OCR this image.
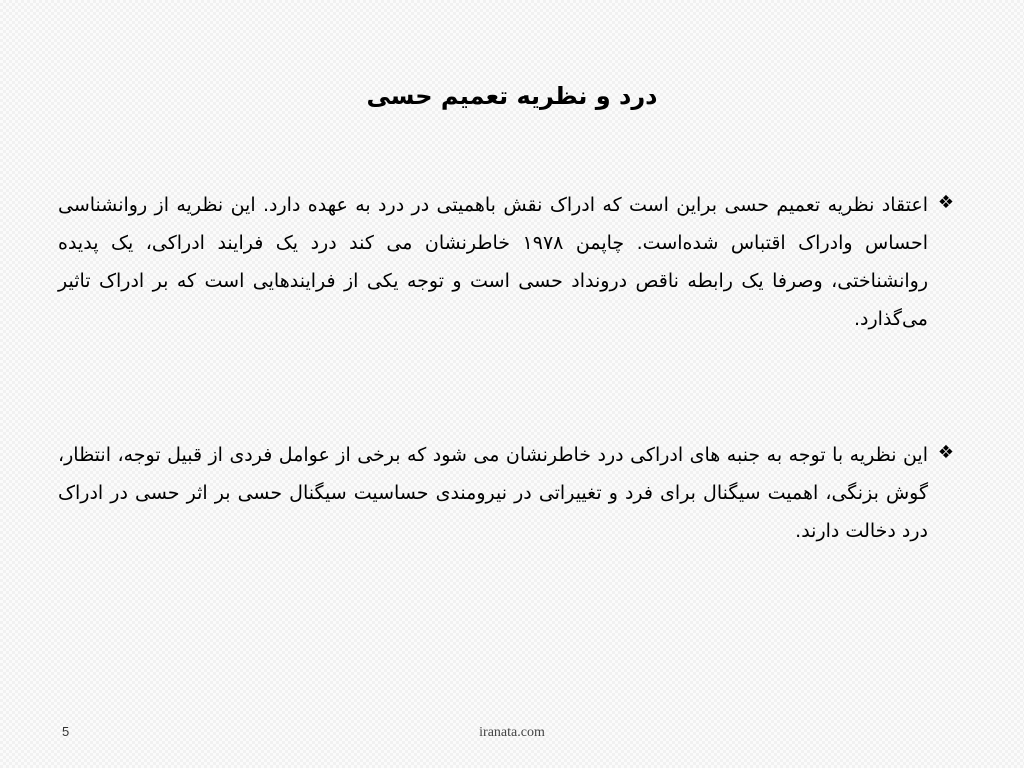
درد و نظریه تعمیم حسی
❖
اعتقاد نظریه تعمیم حسی براین است که ادراک نقش باهمیتی در درد به عهده دارد. این نظریه از روانشناسی احساس وادراک اقتباس شده‌است. چاپمن ۱۹۷۸ خاطرنشان می کند درد یک فرایند ادراکی، یک پدیده روانشناختی، وصرفا یک رابطه ناقص درونداد حسی است و توجه یکی از فرایندهایی است که بر ادراک تاثیر می‌گذارد.
❖
این نظریه با توجه به جنبه های ادراکی درد خاطرنشان می شود که برخی از عوامل فردی از قبیل توجه، انتظار، گوش بزنگی، اهمیت سیگنال برای فرد و تغییراتی در نیرومندی حساسیت سیگنال حسی بر اثر حسی در ادراک درد دخالت دارند.
5	iranata.com
